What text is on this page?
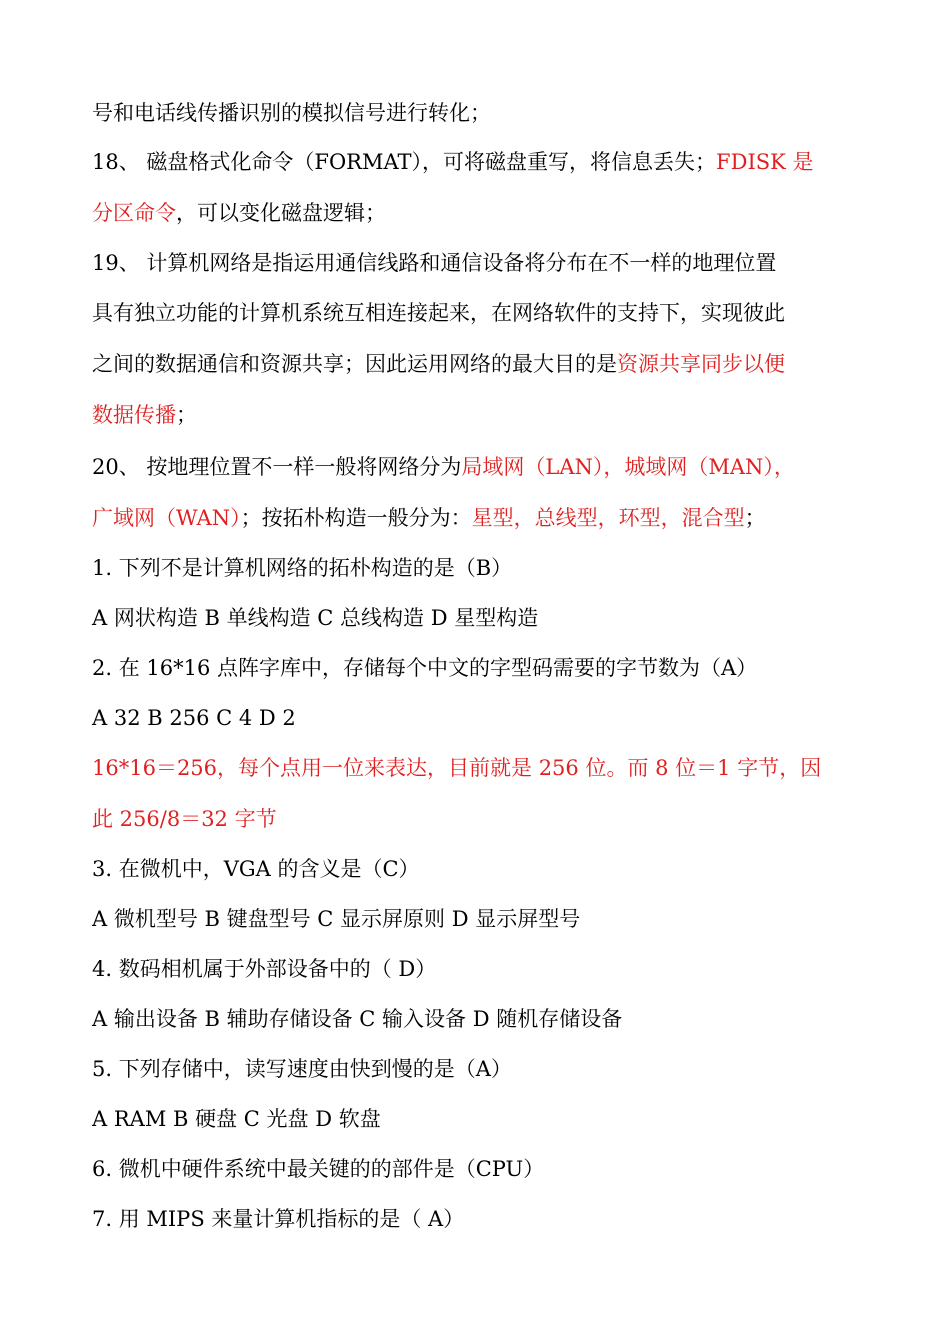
号和电话线传播识别的模拟信号进行转化；
18、 磁盘格式化命令（FORMAT），可将磁盘重写，将信息丢失；FDISK 是
分区命令，可以变化磁盘逻辑；
19、 计算机网络是指运用通信线路和通信设备将分布在不一样的地理位置
具有独立功能的计算机系统互相连接起来，在网络软件的支持下，实现彼此
之间的数据通信和资源共享；因此运用网络的最大目的是资源共享同步以便
数据传播；
20、 按地理位置不一样一般将网络分为局域网（LAN），城域网（MAN），
广域网（WAN）；按拓朴构造一般分为：星型，总线型，环型，混合型；
1. 下列不是计算机网络的拓朴构造的是（B）
A 网状构造 B 单线构造 C 总线构造 D 星型构造
2. 在 16*16 点阵字库中，存储每个中文的字型码需要的字节数为（A）
A 32 B 256 C 4 D 2
16*16＝256，每个点用一位来表达，目前就是 256 位。而 8 位＝1 字节，因
此 256/8＝32 字节
3. 在微机中，VGA 的含义是（C）
A 微机型号 B 键盘型号 C 显示屏原则 D 显示屏型号
4. 数码相机属于外部设备中的（ D）
A 输出设备 B 辅助存储设备 C 输入设备 D 随机存储设备
5. 下列存储中，读写速度由快到慢的是（A）
A RAM B 硬盘 C 光盘 D 软盘
6. 微机中硬件系统中最关键的的部件是（CPU）
7. 用 MIPS 来量计算机指标的是（ A）
